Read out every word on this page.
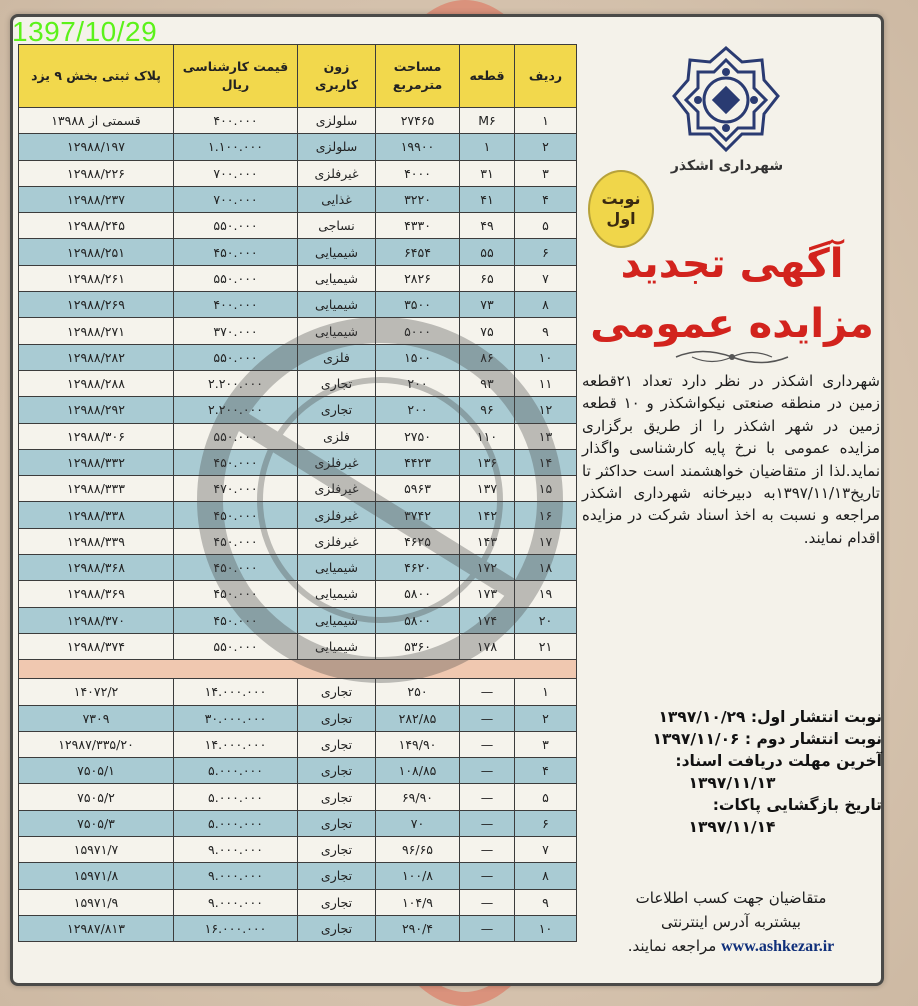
1397/10/29
ردیف	قطعه	مساحت مترمربع	زون کاربری	قیمت کارشناسی ریال	پلاک ثبتی بخش ۹ یزد
۱	M۶	۲۷۴۶۵	سلولزی	۴۰۰.۰۰۰	قسمتی از ۱۳۹۸۸
۲	۱	۱۹۹۰۰	سلولزی	۱.۱۰۰.۰۰۰	۱۲۹۸۸/۱۹۷
۳	۳۱	۴۰۰۰	غیرفلزی	۷۰۰.۰۰۰	۱۲۹۸۸/۲۲۶
۴	۴۱	۳۲۲۰	غذایی	۷۰۰.۰۰۰	۱۲۹۸۸/۲۳۷
۵	۴۹	۴۳۳۰	نساجی	۵۵۰.۰۰۰	۱۲۹۸۸/۲۴۵
۶	۵۵	۶۴۵۴	شیمیایی	۴۵۰.۰۰۰	۱۲۹۸۸/۲۵۱
۷	۶۵	۲۸۲۶	شیمیایی	۵۵۰.۰۰۰	۱۲۹۸۸/۲۶۱
۸	۷۳	۳۵۰۰	شیمیایی	۴۰۰.۰۰۰	۱۲۹۸۸/۲۶۹
۹	۷۵	۵۰۰۰	شیمیایی	۳۷۰.۰۰۰	۱۲۹۸۸/۲۷۱
۱۰	۸۶	۱۵۰۰	فلزی	۵۵۰.۰۰۰	۱۲۹۸۸/۲۸۲
۱۱	۹۳	۲۰۰	تجاری	۲.۲۰۰.۰۰۰	۱۲۹۸۸/۲۸۸
۱۲	۹۶	۲۰۰	تجاری	۲.۲۰۰.۰۰۰	۱۲۹۸۸/۲۹۲
۱۳	۱۱۰	۲۷۵۰	فلزی	۵۵۰.۰۰۰	۱۲۹۸۸/۳۰۶
۱۴	۱۳۶	۴۴۲۳	غیرفلزی	۴۵۰.۰۰۰	۱۲۹۸۸/۳۳۲
۱۵	۱۳۷	۵۹۶۳	غیرفلزی	۴۷۰.۰۰۰	۱۲۹۸۸/۳۳۳
۱۶	۱۴۲	۳۷۴۲	غیرفلزی	۴۵۰.۰۰۰	۱۲۹۸۸/۳۳۸
۱۷	۱۴۳	۴۶۲۵	غیرفلزی	۴۵۰.۰۰۰	۱۲۹۸۸/۳۳۹
۱۸	۱۷۲	۴۶۲۰	شیمیایی	۴۵۰.۰۰۰	۱۲۹۸۸/۳۶۸
۱۹	۱۷۳	۵۸۰۰	شیمیایی	۴۵۰.۰۰۰	۱۲۹۸۸/۳۶۹
۲۰	۱۷۴	۵۸۰۰	شیمیایی	۴۵۰.۰۰۰	۱۲۹۸۸/۳۷۰
۲۱	۱۷۸	۵۳۶۰	شیمیایی	۵۵۰.۰۰۰	۱۲۹۸۸/۳۷۴

۱	—	۲۵۰	تجاری	۱۴.۰۰۰.۰۰۰	۱۴۰۷۲/۲
۲	—	۲۸۲/۸۵	تجاری	۳۰.۰۰۰.۰۰۰	۷۳۰۹
۳	—	۱۴۹/۹۰	تجاری	۱۴.۰۰۰.۰۰۰	۱۲۹۸۷/۳۳۵/۲۰
۴	—	۱۰۸/۸۵	تجاری	۵.۰۰۰.۰۰۰	۷۵۰۵/۱
۵	—	۶۹/۹۰	تجاری	۵.۰۰۰.۰۰۰	۷۵۰۵/۲
۶	—	۷۰	تجاری	۵.۰۰۰.۰۰۰	۷۵۰۵/۳
۷	—	۹۶/۶۵	تجاری	۹.۰۰۰.۰۰۰	۱۵۹۷۱/۷
۸	—	۱۰۰/۸	تجاری	۹.۰۰۰.۰۰۰	۱۵۹۷۱/۸
۹	—	۱۰۴/۹	تجاری	۹.۰۰۰.۰۰۰	۱۵۹۷۱/۹
۱۰	—	۲۹۰/۴	تجاری	۱۶.۰۰۰.۰۰۰	۱۲۹۸۷/۸۱۳
شهرداری اشکذر
نوبت
اول
آگهی تجدید
مزایده عمومی
شهرداری اشکذر در نظر دارد تعداد ۲۱قطعه زمین در منطقه صنعتی نیکواشکذر و ۱۰ قطعه زمین در شهر اشکذر را از طریق برگزاری مزایده عمومی با نرخ پایه کارشناسی واگذار نماید.لذا از متقاضیان خواهشمند است حداکثر تا تاریخ۱۳۹۷/۱۱/۱۳به دبیرخانه شهرداری اشکذر مراجعه و نسبت به اخذ اسناد شرکت در مزایده اقدام نمایند.
نوبت انتشار اول: ۱۳۹۷/۱۰/۲۹
نوبت انتشار دوم : ۱۳۹۷/۱۱/۰۶
آخرین مهلت دریافت اسناد:
۱۳۹۷/۱۱/۱۳
تاریخ بازگشایی پاکات:
۱۳۹۷/۱۱/۱۴
متقاضیان جهت کسب اطلاعات
بیشتربه آدرس اینترنتی
www.ashkezar.ir مراجعه نمایند.
